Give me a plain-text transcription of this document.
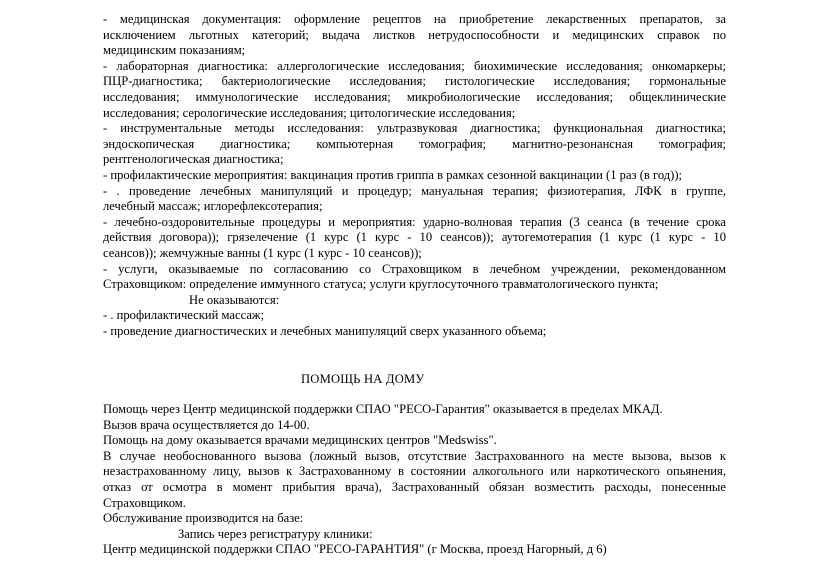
- медицинская документация: оформление рецептов на приобретение лекарственных препаратов, за
исключением льготных категорий; выдача листков нетрудоспособности и медицинских справок по
медицинским показаниям;
- лабораторная диагностика: аллергологические исследования; биохимические исследования; онкомаркеры;
ПЦР-диагностика; бактериологические исследования; гистологические исследования; гормональные
исследования; иммунологические исследования; микробиологические исследования; общеклинические
исследования; серологические исследования; цитологические исследования;
- инструментальные методы исследования: ультразвуковая диагностика; функциональная диагностика;
эндоскопическая диагностика; компьютерная томография; магнитно-резонансная томография;
рентгенологическая диагностика;
- профилактические мероприятия: вакцинация против гриппа в рамках сезонной вакцинации (1 раз (в год));
- . проведение лечебных манипуляций и процедур; мануальная терапия; физиотерапия, ЛФК в группе,
лечебный массаж; иглорефлексотерапия;
- лечебно-оздоровительные процедуры и мероприятия: ударно-волновая терапия (3 сеанса (в течение срока
действия договора)); грязелечение (1 курс (1 курс - 10 сеансов)); аутогемотерапия (1 курс (1 курс - 10
сеансов)); жемчужные ванны (1 курс (1 курс - 10 сеансов));
- услуги, оказываемые по согласованию со Страховщиком в лечебном учреждении, рекомендованном
Страховщиком: определение иммунного статуса; услуги круглосуточного травматологического пункта;
Не оказываются:
- . профилактический массаж;
- проведение диагностических и лечебных манипуляций сверх указанного объема;
ПОМОЩЬ НА ДОМУ
Помощь через Центр медицинской поддержки СПАО "РЕСО-Гарантия" оказывается в пределах МКАД.
Вызов врача осуществляется до 14-00.
Помощь на дому оказывается врачами медицинских центров "Medswiss".
В случае необоснованного вызова (ложный вызов, отсутствие Застрахованного на месте вызова, вызов к
незастрахованному лицу, вызов к Застрахованному в состоянии алкогольного или наркотического опьянения,
отказ от осмотра в момент прибытия врача), Застрахованный обязан возместить расходы, понесенные
Страховщиком.
Обслуживание производится на базе:
Запись через регистратуру клиники:
Центр медицинской поддержки СПАО "РЕСО-ГАРАНТИЯ" (г Москва, проезд Нагорный, д 6)
